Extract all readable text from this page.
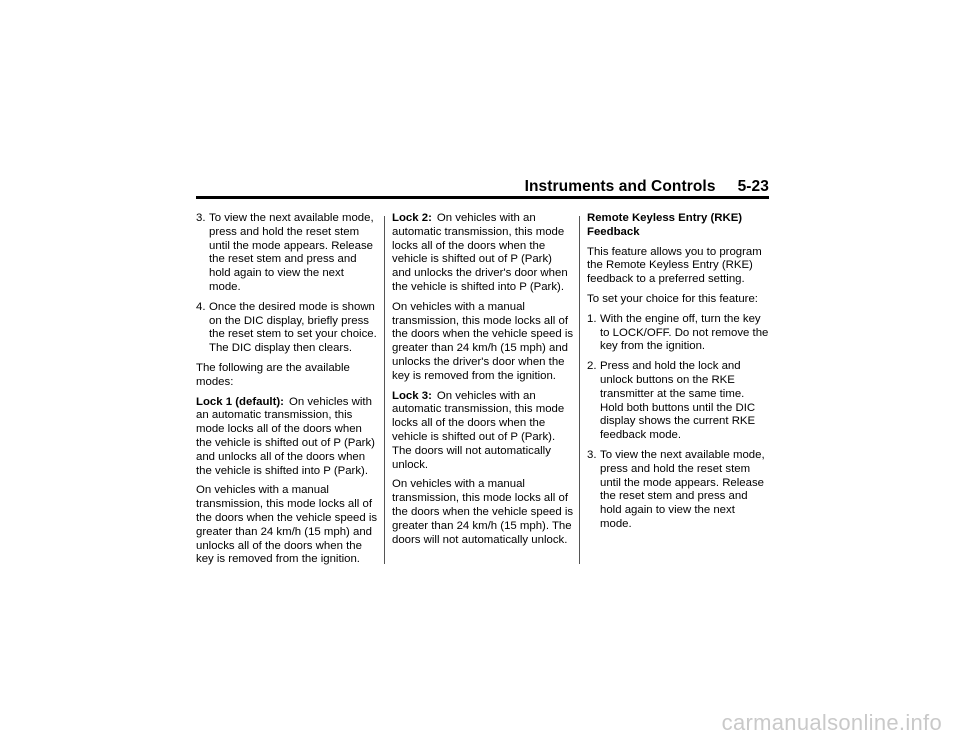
Instruments and Controls 5-23
3. To view the next available mode, press and hold the reset stem until the mode appears. Release the reset stem and press and hold again to view the next mode.
4. Once the desired mode is shown on the DIC display, briefly press the reset stem to set your choice. The DIC display then clears.

The following are the available modes:

Lock 1 (default): On vehicles with an automatic transmission, this mode locks all of the doors when the vehicle is shifted out of P (Park) and unlocks all of the doors when the vehicle is shifted into P (Park).

On vehicles with a manual transmission, this mode locks all of the doors when the vehicle speed is greater than 24 km/h (15 mph) and unlocks all of the doors when the key is removed from the ignition.

Lock 2: On vehicles with an automatic transmission, this mode locks all of the doors when the vehicle is shifted out of P (Park) and unlocks the driver's door when the vehicle is shifted into P (Park).

On vehicles with a manual transmission, this mode locks all of the doors when the vehicle speed is greater than 24 km/h (15 mph) and unlocks the driver's door when the key is removed from the ignition.

Lock 3: On vehicles with an automatic transmission, this mode locks all of the doors when the vehicle is shifted out of P (Park). The doors will not automatically unlock.

On vehicles with a manual transmission, this mode locks all of the doors when the vehicle speed is greater than 24 km/h (15 mph). The doors will not automatically unlock.

Remote Keyless Entry (RKE) Feedback

This feature allows you to program the Remote Keyless Entry (RKE) feedback to a preferred setting.

To set your choice for this feature:

1. With the engine off, turn the key to LOCK/OFF. Do not remove the key from the ignition.
2. Press and hold the lock and unlock buttons on the RKE transmitter at the same time. Hold both buttons until the DIC display shows the current RKE feedback mode.
3. To view the next available mode, press and hold the reset stem until the mode appears. Release the reset stem and press and hold again to view the next mode.
carmanualsonline.info
